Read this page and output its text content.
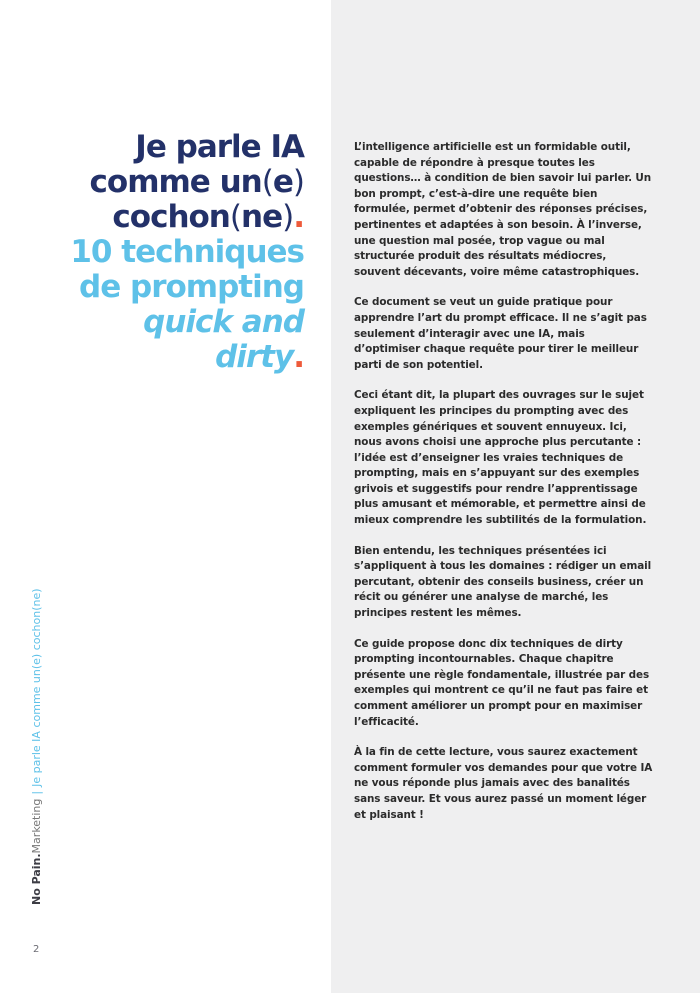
Je parle IA
comme un(e)
cochon(ne).
10 techniques
de prompting
quick and
dirty.

L’intelligence artificielle est un formidable outil, capable de répondre à presque toutes les questions… à condition de bien savoir lui parler. Un bon prompt, c’est-à-dire une requête bien formulée, permet d’obtenir des réponses précises, pertinentes et adaptées à son besoin. À l’inverse, une question mal posée, trop vague ou mal structurée produit des résultats médiocres, souvent décevants, voire même catastrophiques.

Ce document se veut un guide pratique pour apprendre l’art du prompt efficace. Il ne s’agit pas seulement d’interagir avec une IA, mais d’optimiser chaque requête pour tirer le meilleur parti de son potentiel.

Ceci étant dit, la plupart des ouvrages sur le sujet expliquent les principes du prompting avec des exemples génériques et souvent ennuyeux. Ici, nous avons choisi une approche plus percutante : l’idée est d’enseigner les vraies techniques de prompting, mais en s’appuyant sur des exemples grivois et suggestifs pour rendre l’apprentissage plus amusant et mémorable, et permettre ainsi de mieux comprendre les subtilités de la formulation.

Bien entendu, les techniques présentées ici s’appliquent à tous les domaines : rédiger un email percutant, obtenir des conseils business, créer un récit ou générer une analyse de marché, les principes restent les mêmes.

Ce guide propose donc dix techniques de dirty prompting incontournables. Chaque chapitre présente une règle fondamentale, illustrée par des exemples qui montrent ce qu’il ne faut pas faire et comment améliorer un prompt pour en maximiser l’efficacité.

À la fin de cette lecture, vous saurez exactement comment formuler vos demandes pour que votre IA ne vous réponde plus jamais avec des banalités sans saveur. Et vous aurez passé un moment léger et plaisant !

No Pain.Marketing|Je parle IA comme un(e) cochon(ne)
2
